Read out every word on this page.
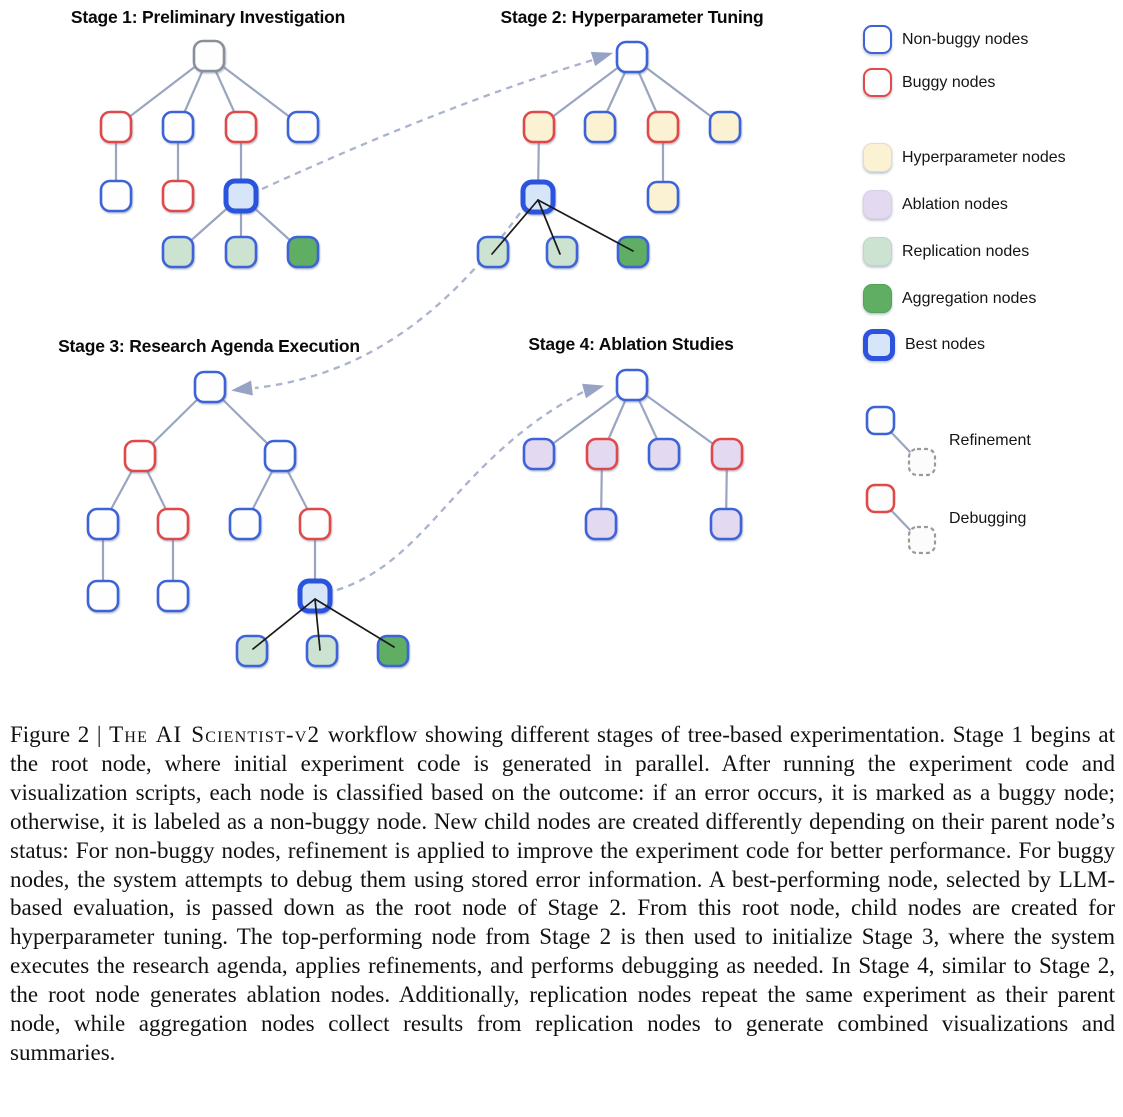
Stage 1: Preliminary Investigation	Stage 2: Hyperparameter Tuning
Stage 3: Research Agenda Execution	Stage 4: Ablation Studies
Non-buggy nodes
Buggy nodes
Hyperparameter nodes
Ablation nodes
Replication nodes
Aggregation nodes
Best nodes
Refinement
Debugging

Figure 2 | The AI Scientist-v2 workflow showing different stages of tree-based experimentation. Stage 1 begins at the root node, where initial experiment code is generated in parallel. After running the experiment code and visualization scripts, each node is classified based on the outcome: if an error occurs, it is marked as a buggy node; otherwise, it is labeled as a non-buggy node. New child nodes are created differently depending on their parent node’s status: For non-buggy nodes, refinement is applied to improve the experiment code for better performance. For buggy nodes, the system attempts to debug them using stored error information. A best-performing node, selected by LLM-based evaluation, is passed down as the root node of Stage 2. From this root node, child nodes are created for hyperparameter tuning. The top-performing node from Stage 2 is then used to initialize Stage 3, where the system executes the research agenda, applies refinements, and performs debugging as needed. In Stage 4, similar to Stage 2, the root node generates ablation nodes. Additionally, replication nodes repeat the same experiment as their parent node, while aggregation nodes collect results from replication nodes to generate combined visualizations and summaries.
